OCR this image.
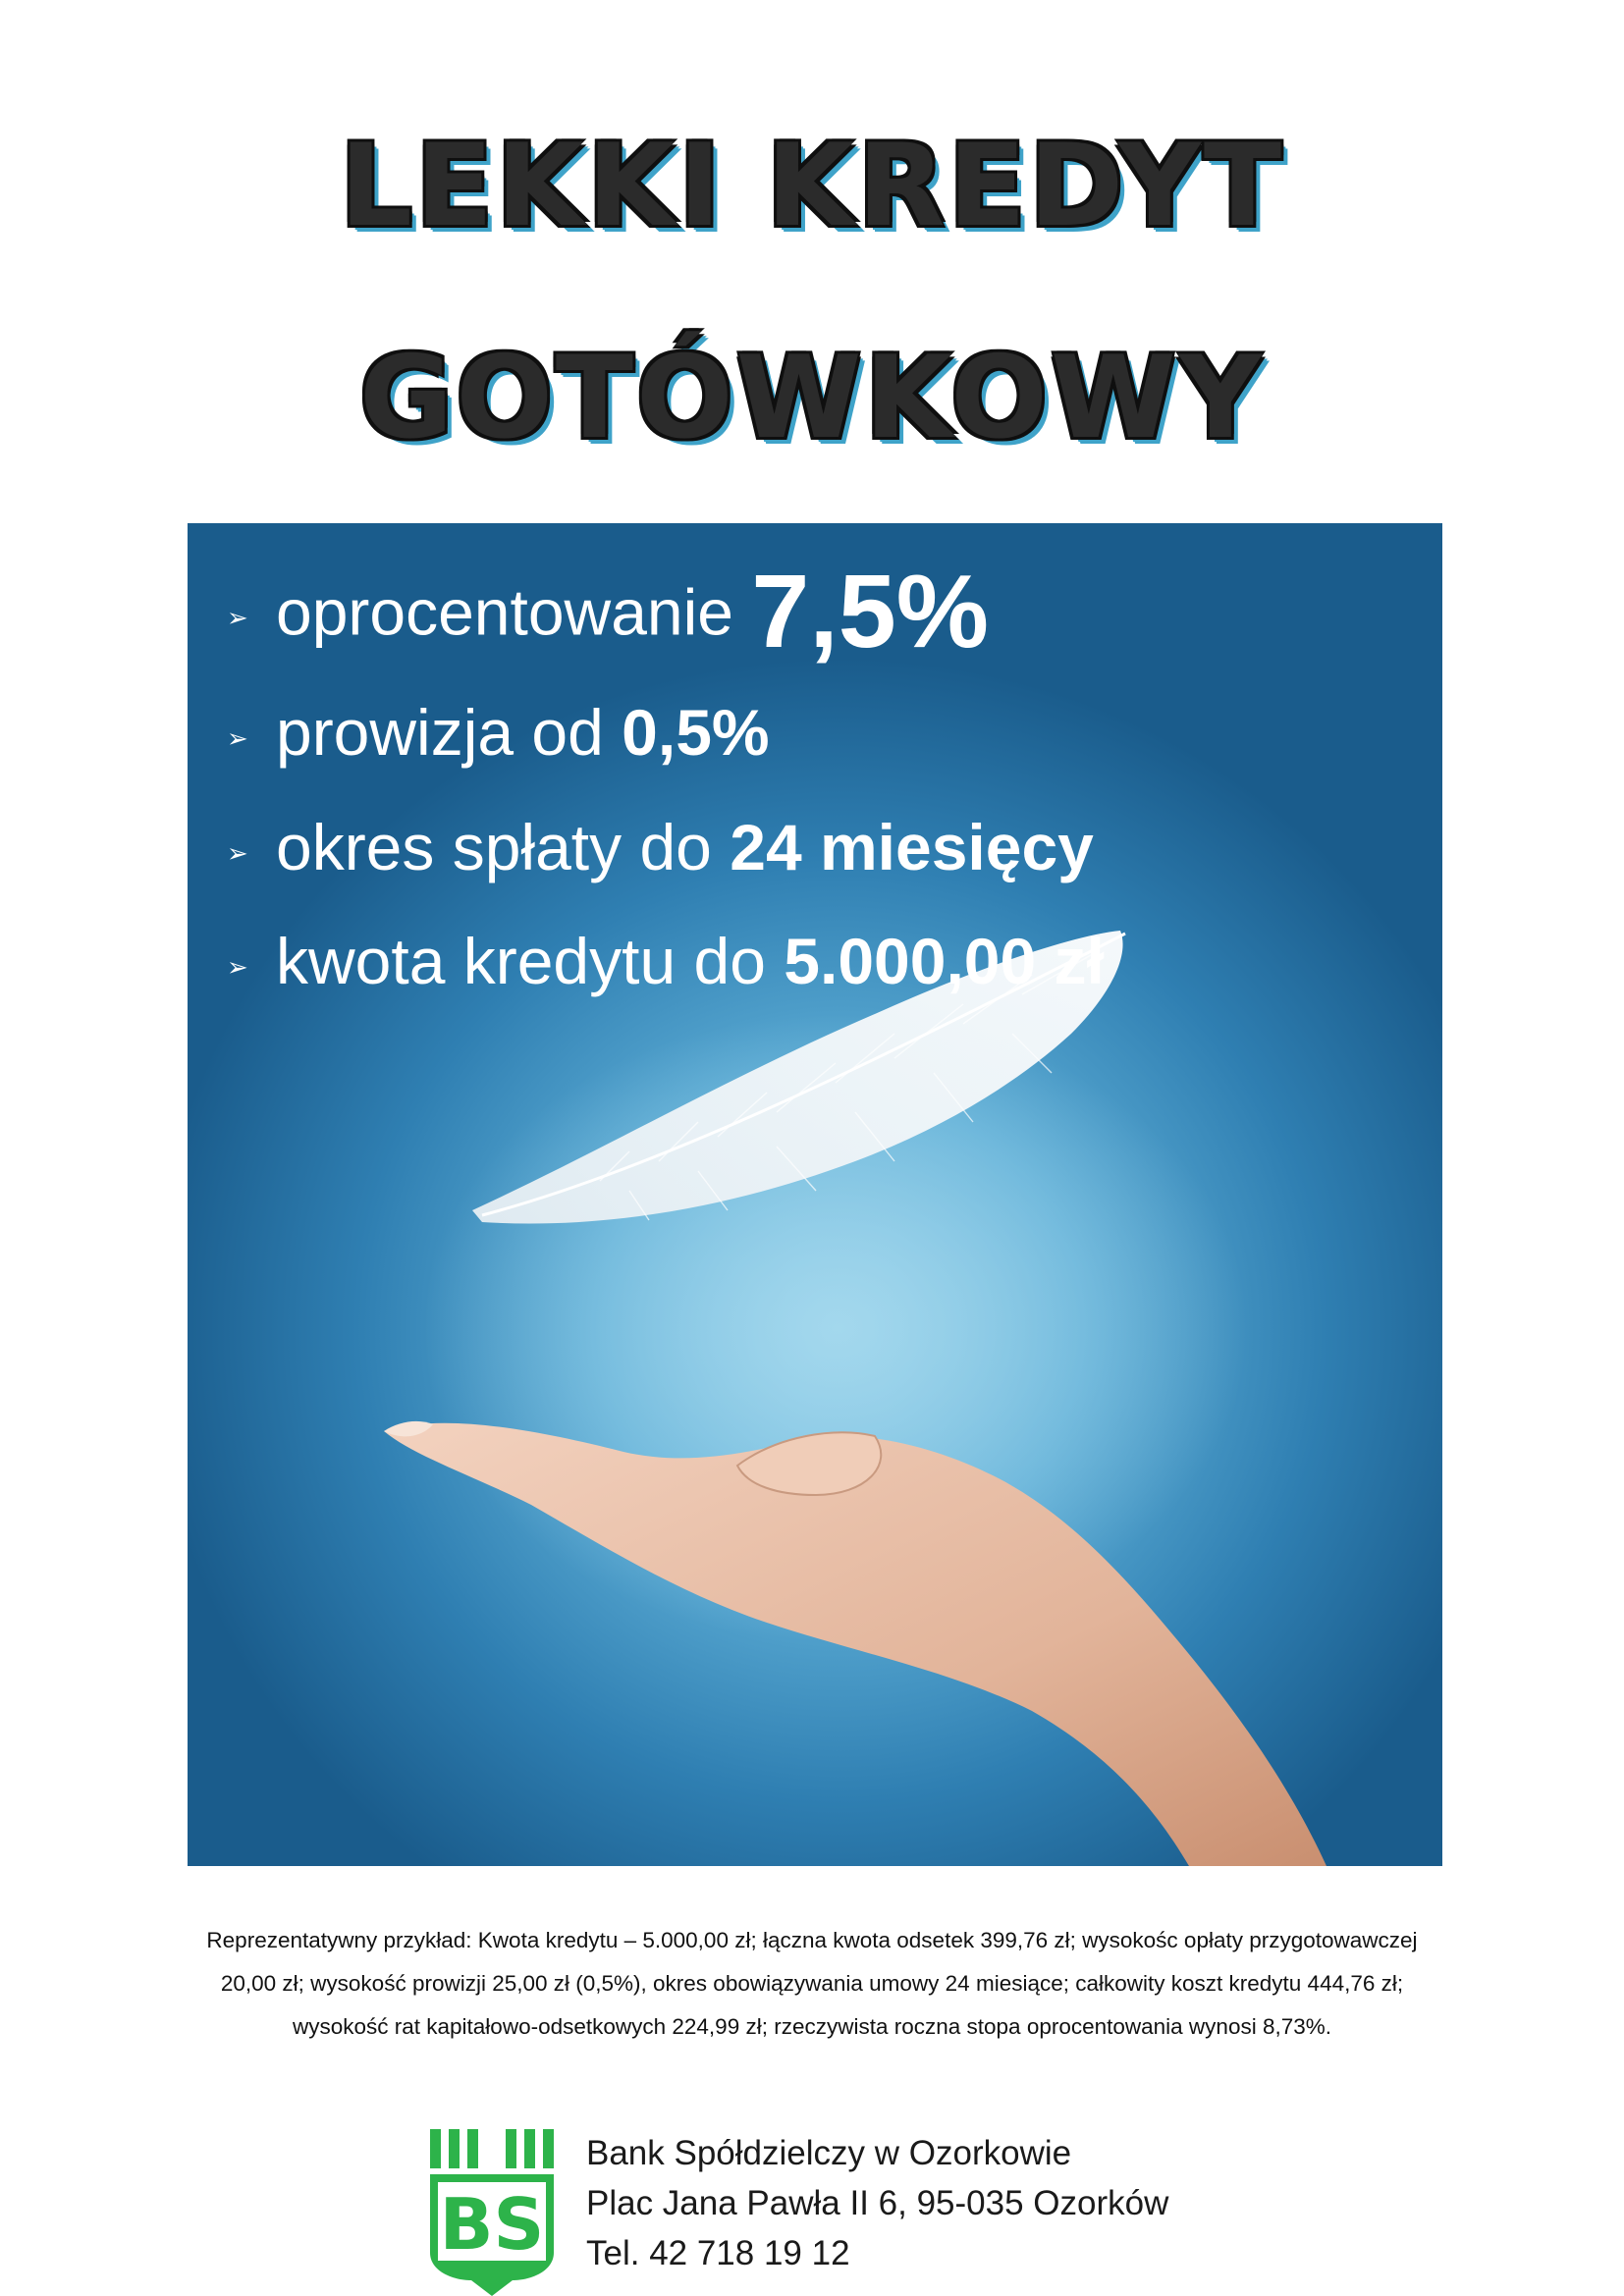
LEKKI KREDYT
GOTÓWKOWY
➢ oprocentowanie 7,5%
➢ prowizja od 0,5%
➢ okres spłaty do 24 miesięcy
➢ kwota kredytu do 5.000,00 zł
Reprezentatywny przykład: Kwota kredytu – 5.000,00 zł; łączna kwota odsetek 399,76 zł; wysokośc opłaty przygotowawczej
20,00 zł; wysokość prowizji 25,00 zł (0,5%), okres obowiązywania umowy 24 miesiące; całkowity koszt kredytu 444,76 zł;
wysokość rat kapitałowo-odsetkowych 224,99 zł; rzeczywista roczna stopa oprocentowania wynosi 8,73%.
BS
Bank Spółdzielczy w Ozorkowie
Plac Jana Pawła II 6, 95-035 Ozorków
Tel. 42 718 19 12
